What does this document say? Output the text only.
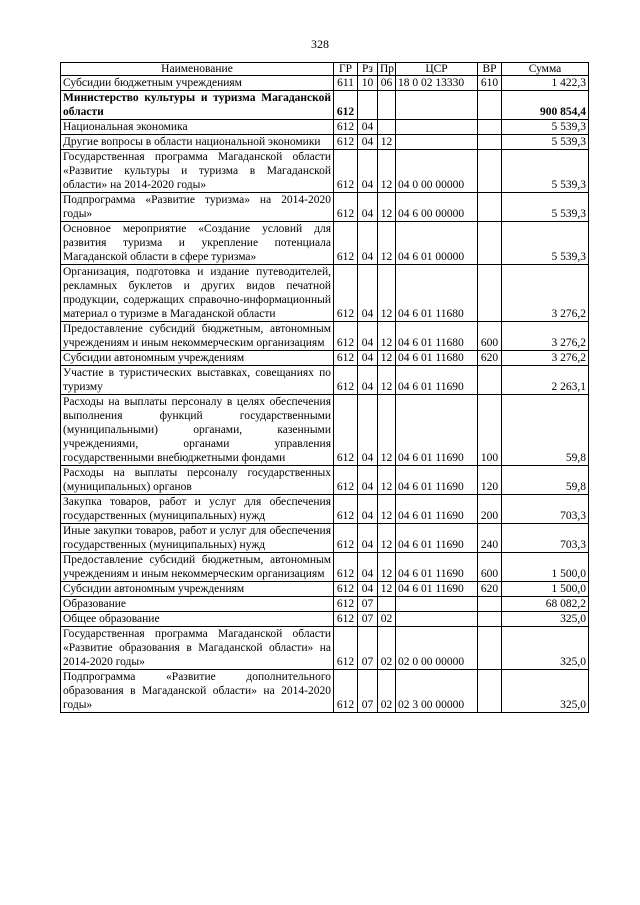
328
Наименование	ГР	Рз	Пр	ЦСР	ВР	Сумма
Субсидии бюджетным учреждениям	611	10	06	18 0 02 13330	610	1 422,3
Министерство культуры и туризма Магаданской области	612					900 854,4
Национальная экономика	612	04				5 539,3
Другие вопросы в области национальной экономики	612	04	12			5 539,3
Государственная программа Магаданской области «Развитие культуры и туризма в Магаданской области» на 2014-2020 годы»	612	04	12	04 0 00 00000		5 539,3
Подпрограмма «Развитие туризма» на 2014-2020 годы»	612	04	12	04 6 00 00000		5 539,3
Основное мероприятие «Создание условий для развития туризма и укрепление потенциала Магаданской области в сфере туризма»	612	04	12	04 6 01 00000		5 539,3
Организация, подготовка и издание путеводителей, рекламных буклетов и других видов печатной продукции, содержащих справочно-информационный материал о туризме в Магаданской области	612	04	12	04 6 01 11680		3 276,2
Предоставление субсидий бюджетным, автономным учреждениям и иным некоммерческим организациям	612	04	12	04 6 01 11680	600	3 276,2
Субсидии автономным учреждениям	612	04	12	04 6 01 11680	620	3 276,2
Участие в туристических выставках, совещаниях по туризму	612	04	12	04 6 01 11690		2 263,1
Расходы на выплаты персоналу в целях обеспечения выполнения функций государственными (муниципальными) органами, казенными учреждениями, органами управления государственными внебюджетными фондами	612	04	12	04 6 01 11690	100	59,8
Расходы на выплаты персоналу государственных (муниципальных) органов	612	04	12	04 6 01 11690	120	59,8
Закупка товаров, работ и услуг для обеспечения государственных (муниципальных) нужд	612	04	12	04 6 01 11690	200	703,3
Иные закупки товаров, работ и услуг для обеспечения государственных (муниципальных) нужд	612	04	12	04 6 01 11690	240	703,3
Предоставление субсидий бюджетным, автономным учреждениям и иным некоммерческим организациям	612	04	12	04 6 01 11690	600	1 500,0
Субсидии автономным учреждениям	612	04	12	04 6 01 11690	620	1 500,0
Образование	612	07				68 082,2
Общее образование	612	07	02			325,0
Государственная программа Магаданской области «Развитие образования в Магаданской области» на 2014-2020 годы»	612	07	02	02 0 00 00000		325,0
Подпрограмма «Развитие дополнительного образования в Магаданской области» на 2014-2020 годы»	612	07	02	02 3 00 00000		325,0
